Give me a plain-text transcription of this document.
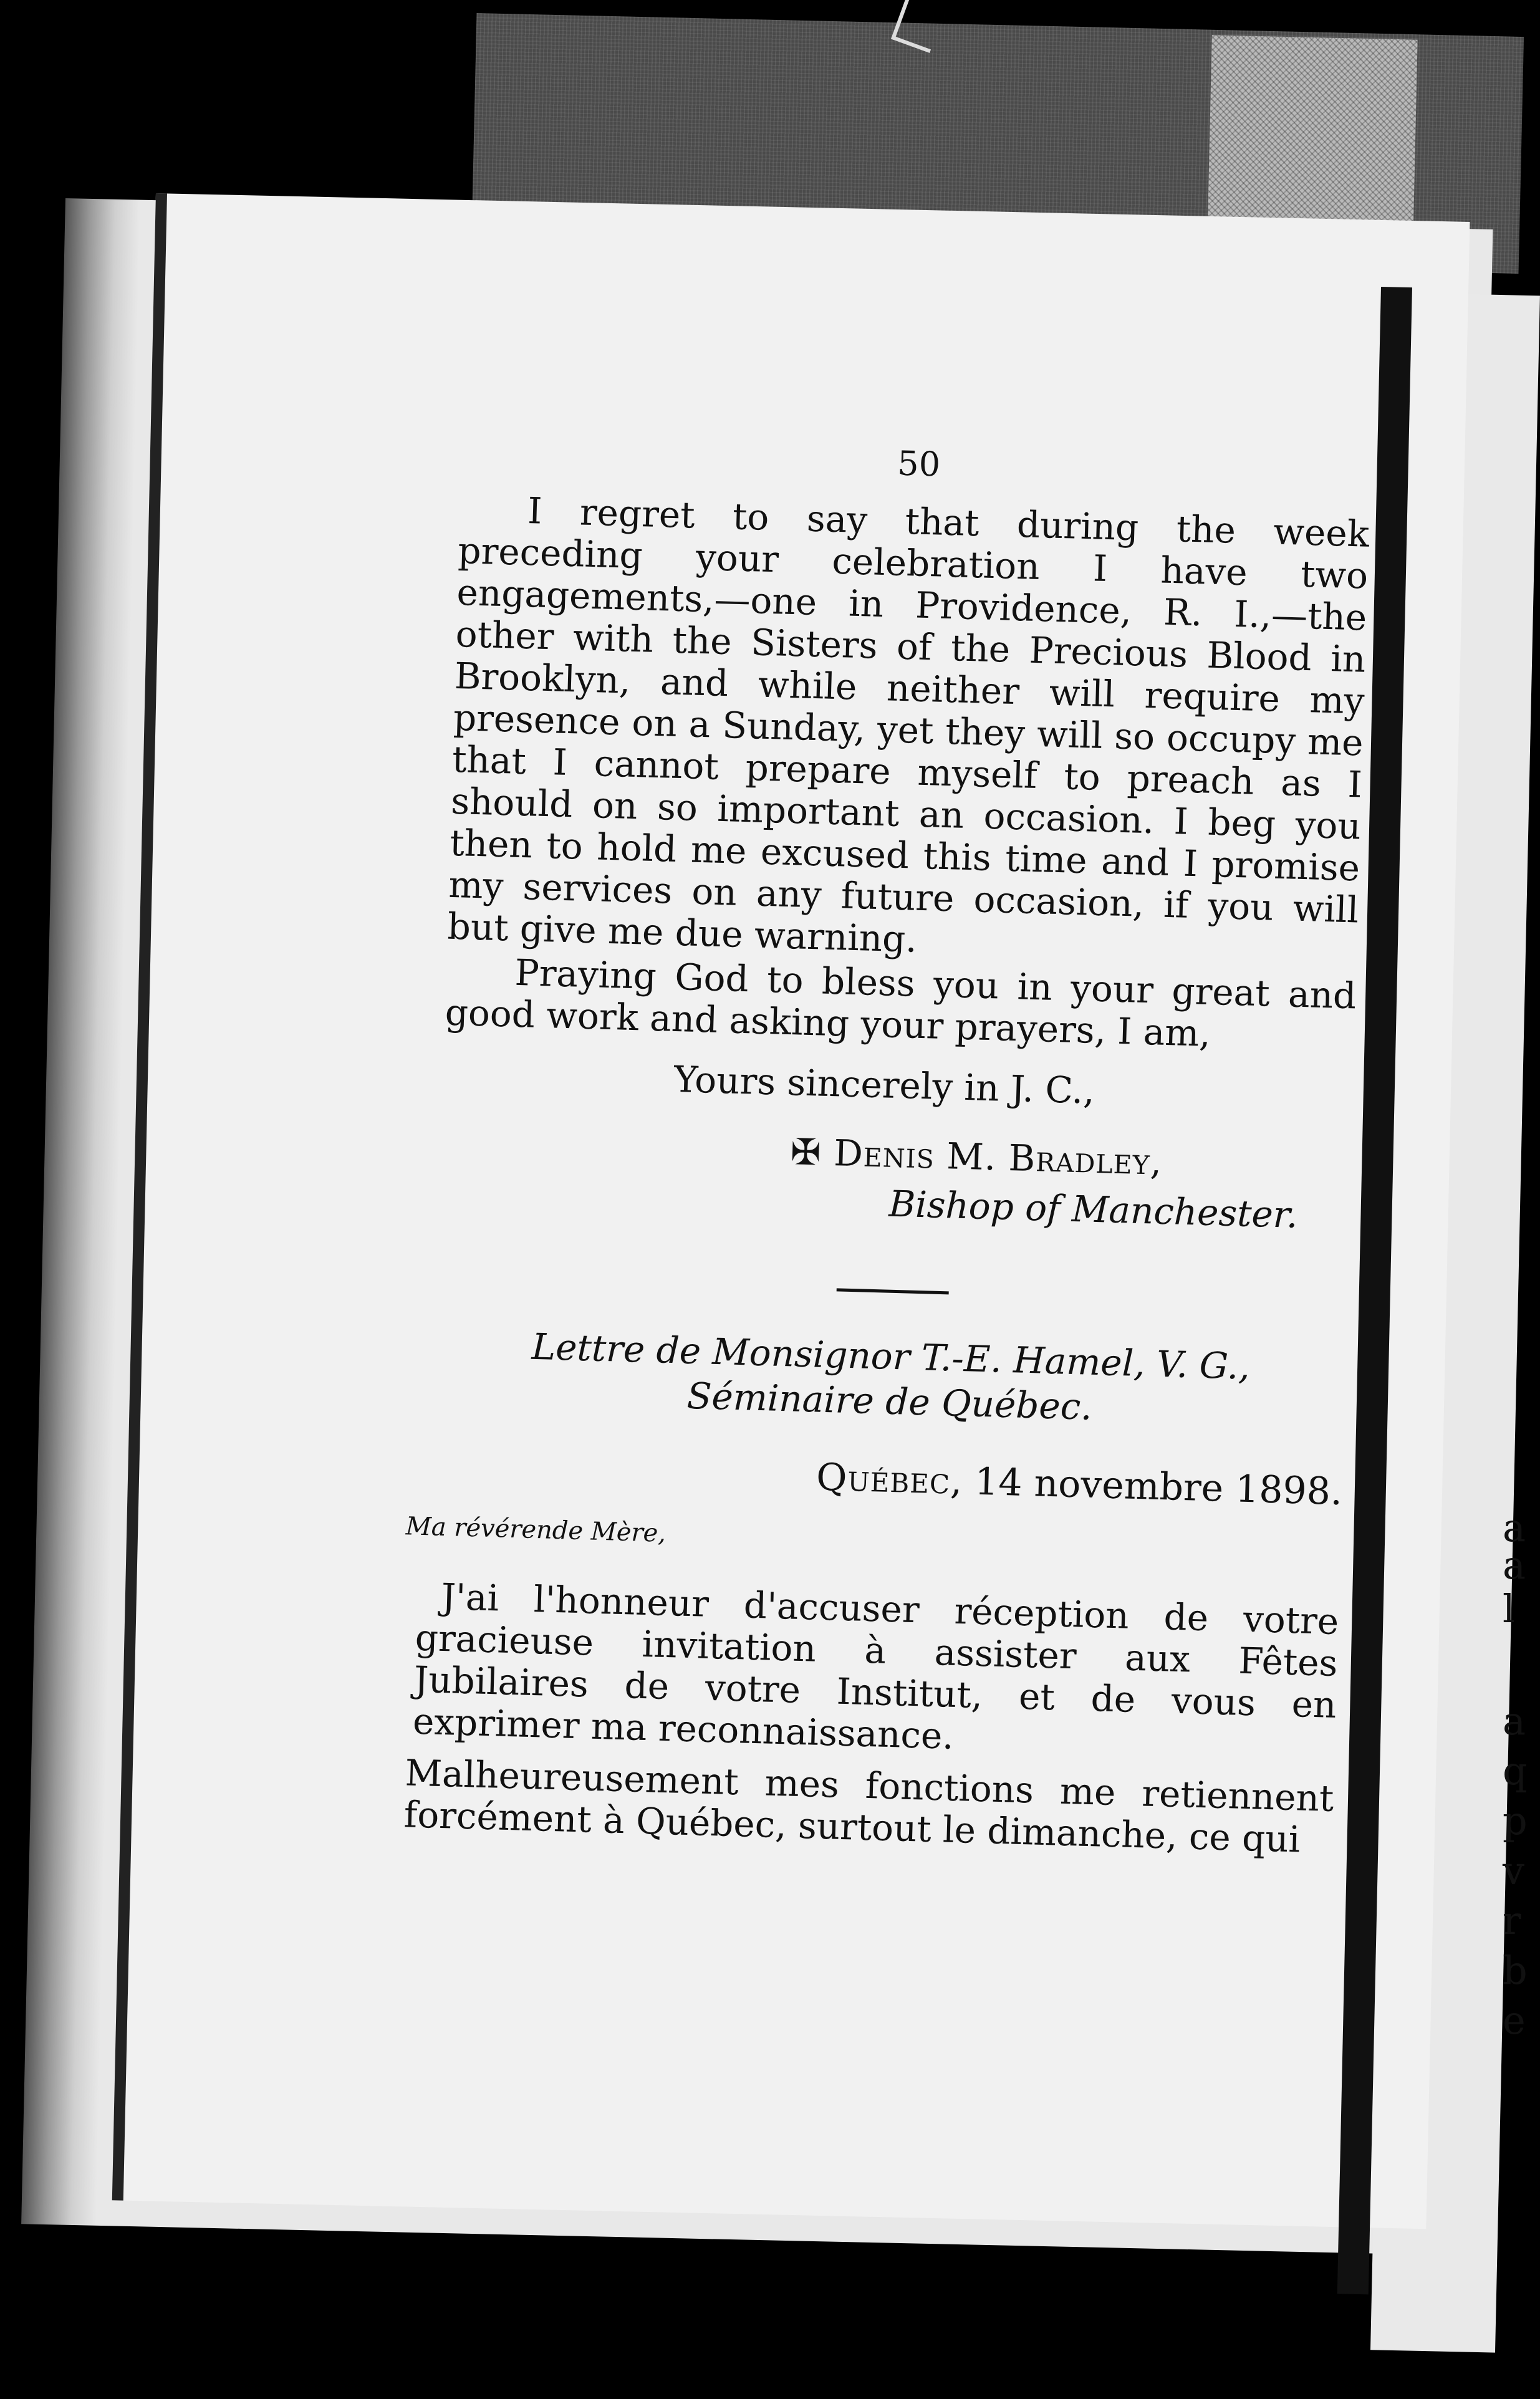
a
a
l
a
q
p
v
r
b
e
50

I regret to say that during the week preceding your celebration I have two engagements,—one in Providence, R. I.,—the other with the Sisters of the Precious Blood in Brooklyn, and while neither will require my presence on a Sunday, yet they will so occupy me that I cannot prepare myself to preach as I should on so important an occasion. I beg you then to hold me excused this time and I promise my services on any future occasion, if you will but give me due warning.

Praying God to bless you in your great and good work and asking your prayers, I am,

Yours sincerely in J. C.,
✠ Denis M. Bradley,
Bishop of Manchester.

Lettre de Monsignor T.-E. Hamel, V. G., Séminaire de Québec.

Québec, 14 novembre 1898.
Ma révérende Mère,

J'ai l'honneur d'accuser réception de votre gracieuse invitation à assister aux Fêtes Jubilaires de votre Institut, et de vous en exprimer ma reconnaissance.

Malheureusement mes fonctions me retiennent forcément à Québec, surtout le dimanche, ce qui
